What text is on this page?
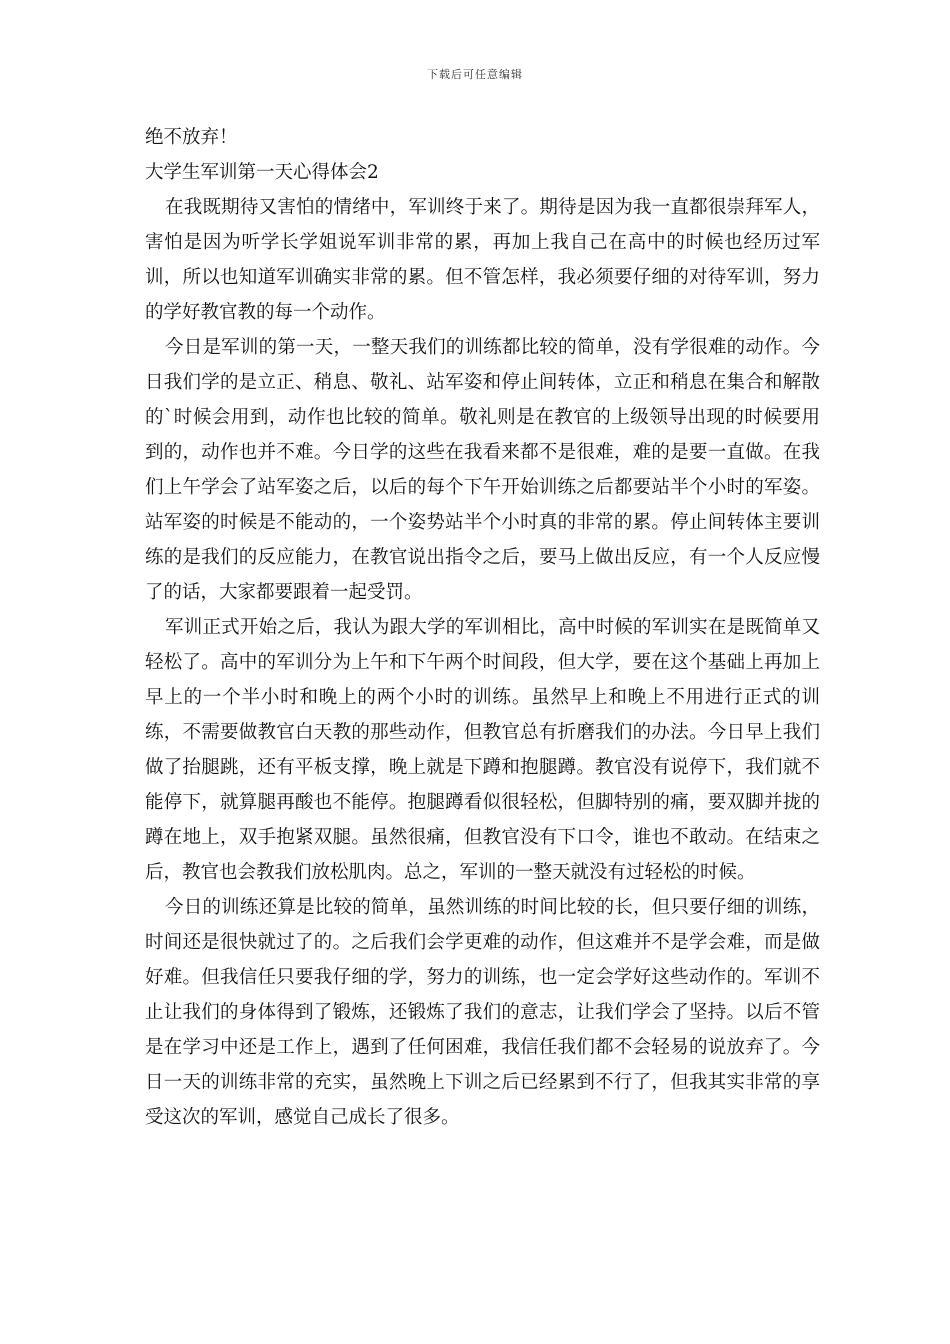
下载后可任意编辑

绝不放弃！

大学生军训第一天心得体会2

在我既期待又害怕的情绪中，军训终于来了。期待是因为我一直都很崇拜军人，害怕是因为听学长学姐说军训非常的累，再加上我自己在高中的时候也经历过军训，所以也知道军训确实非常的累。但不管怎样，我必须要仔细的对待军训，努力的学好教官教的每一个动作。

今日是军训的第一天，一整天我们的训练都比较的简单，没有学很难的动作。今日我们学的是立正、稍息、敬礼、站军姿和停止间转体，立正和稍息在集合和解散的`时候会用到，动作也比较的简单。敬礼则是在教官的上级领导出现的时候要用到的，动作也并不难。今日学的这些在我看来都不是很难，难的是要一直做。在我们上午学会了站军姿之后，以后的每个下午开始训练之后都要站半个小时的军姿。站军姿的时候是不能动的，一个姿势站半个小时真的非常的累。停止间转体主要训练的是我们的反应能力，在教官说出指令之后，要马上做出反应，有一个人反应慢了的话，大家都要跟着一起受罚。

军训正式开始之后，我认为跟大学的军训相比，高中时候的军训实在是既简单又轻松了。高中的军训分为上午和下午两个时间段，但大学，要在这个基础上再加上早上的一个半小时和晚上的两个小时的训练。虽然早上和晚上不用进行正式的训练，不需要做教官白天教的那些动作，但教官总有折磨我们的办法。今日早上我们做了抬腿跳，还有平板支撑，晚上就是下蹲和抱腿蹲。教官没有说停下，我们就不能停下，就算腿再酸也不能停。抱腿蹲看似很轻松，但脚特别的痛，要双脚并拢的蹲在地上，双手抱紧双腿。虽然很痛，但教官没有下口令，谁也不敢动。在结束之后，教官也会教我们放松肌肉。总之，军训的一整天就没有过轻松的时候。

今日的训练还算是比较的简单，虽然训练的时间比较的长，但只要仔细的训练，时间还是很快就过了的。之后我们会学更难的动作，但这难并不是学会难，而是做好难。但我信任只要我仔细的学，努力的训练，也一定会学好这些动作的。军训不止让我们的身体得到了锻炼，还锻炼了我们的意志，让我们学会了坚持。以后不管是在学习中还是工作上，遇到了任何困难，我信任我们都不会轻易的说放弃了。今日一天的训练非常的充实，虽然晚上下训之后已经累到不行了，但我其实非常的享受这次的军训，感觉自己成长了很多。
